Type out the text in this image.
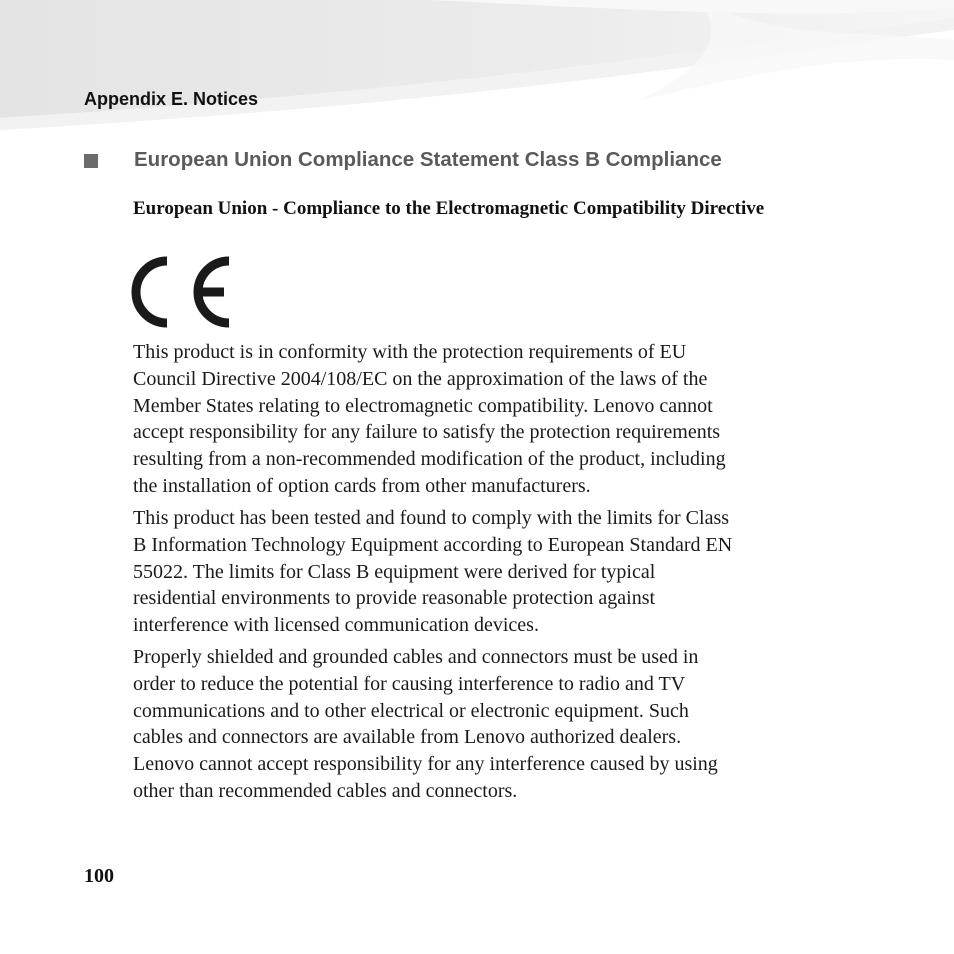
Appendix E. Notices
European Union Compliance Statement Class B Compliance
European Union - Compliance to the Electromagnetic Compatibility Directive

This product is in conformity with the protection requirements of EU
Council Directive 2004/108/EC on the approximation of the laws of the
Member States relating to electromagnetic compatibility. Lenovo cannot
accept responsibility for any failure to satisfy the protection requirements
resulting from a non-recommended modification of the product, including
the installation of option cards from other manufacturers.

This product has been tested and found to comply with the limits for Class
B Information Technology Equipment according to European Standard EN
55022. The limits for Class B equipment were derived for typical
residential environments to provide reasonable protection against
interference with licensed communication devices.

Properly shielded and grounded cables and connectors must be used in
order to reduce the potential for causing interference to radio and TV
communications and to other electrical or electronic equipment. Such
cables and connectors are available from Lenovo authorized dealers.
Lenovo cannot accept responsibility for any interference caused by using
other than recommended cables and connectors.

100
